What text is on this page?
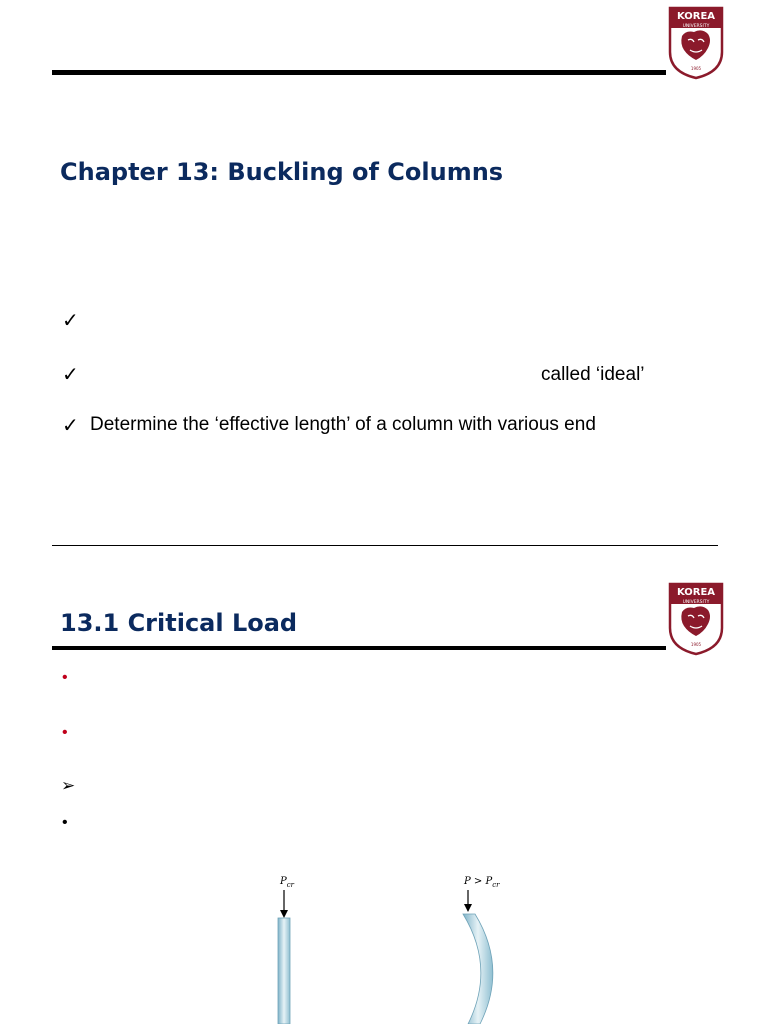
KOREA
UNIVERSITY
1905
Chapter 13: Buckling of Columns
✓
✓	called ‘ideal’
✓ Determine the ‘effective length’ of a column with various end
KOREA
UNIVERSITY
1905
13.1 Critical Load
•
•
➢
•
$P_{cr}$	$P > P_{cr}$
